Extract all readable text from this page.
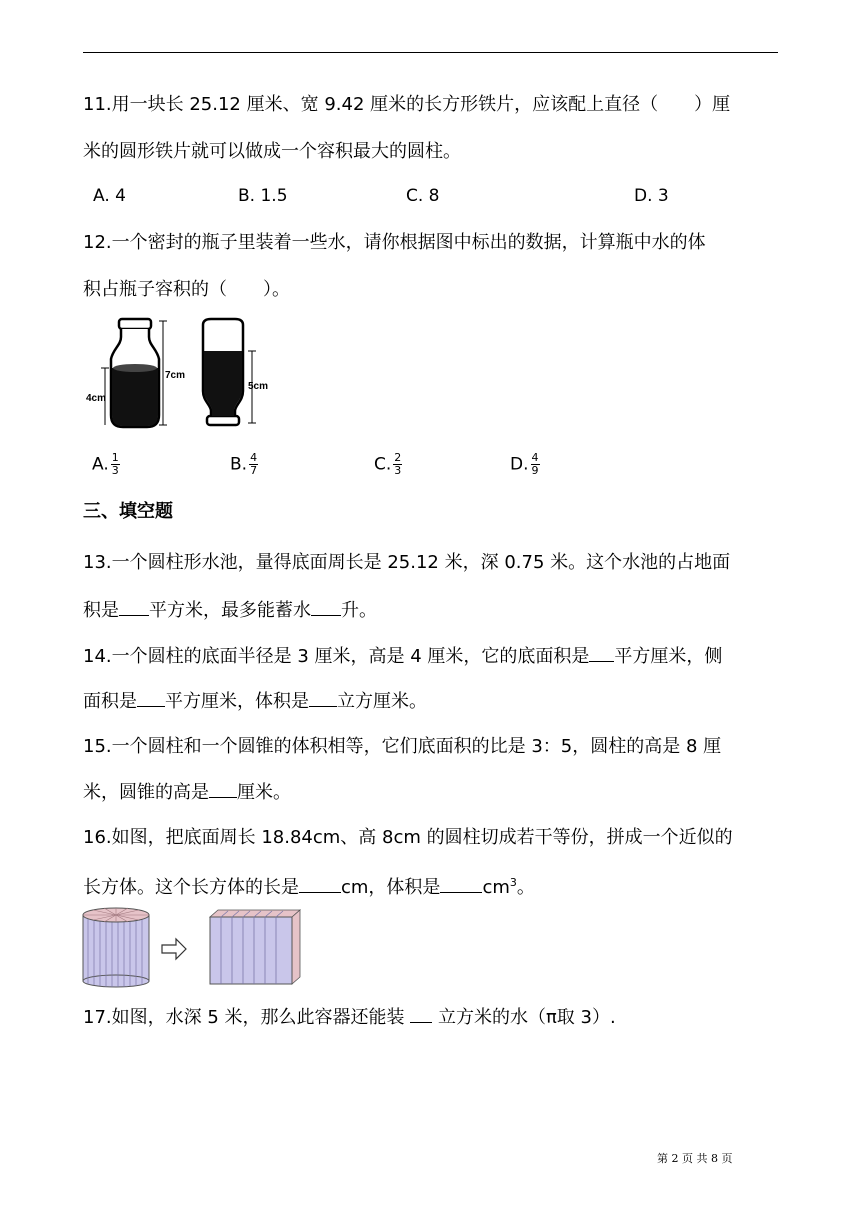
11.用一块长 25.12 厘米、宽 9.42 厘米的长方形铁片，应该配上直径（　　）厘
米的圆形铁片就可以做成一个容积最大的圆柱。
A. 4	B. 1.5	C. 8	D. 3
12.一个密封的瓶子里装着一些水，请你根据图中标出的数据，计算瓶中水的体
积占瓶子容积的（　　）。
7cm
4cm
5cm
A. $\frac{1}{3}$	B. $\frac{4}{7}$	C. $\frac{2}{3}$	D. $\frac{4}{9}$
三、填空题
13.一个圆柱形水池，量得底面周长是 25.12 米，深 0.75 米。这个水池的占地面
积是 平方米，最多能蓄水 升。
14.一个圆柱的底面半径是 3 厘米，高是 4 厘米，它的底面积是 平方厘米，侧
面积是 平方厘米，体积是 立方厘米。
15.一个圆柱和一个圆锥的体积相等，它们底面积的比是 3：5，圆柱的高是 8 厘
米，圆锥的高是 厘米。
16.如图，把底面周长 18.84cm、高 8cm 的圆柱切成若干等份，拼成一个近似的
长方体。这个长方体的长是 cm，体积是 $cm^3$。
17.如图，水深 5 米，那么此容器还能装  立方米的水（π取 3）.
第 2 页 共 8 页
